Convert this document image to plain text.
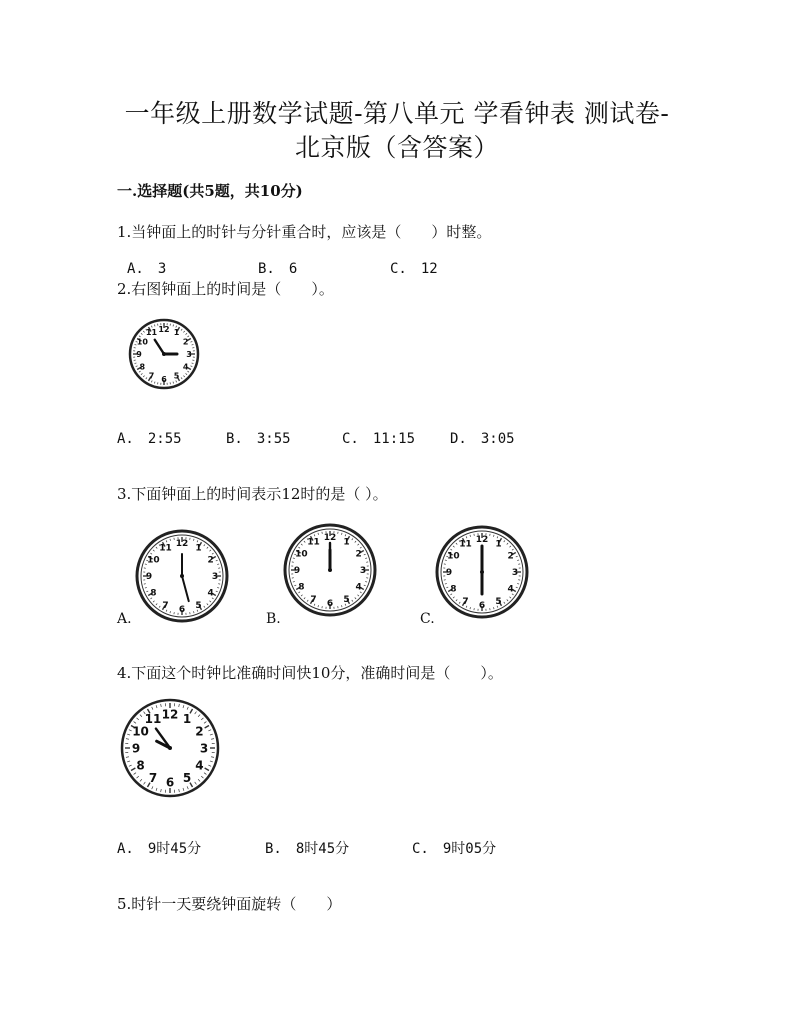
一年级上册数学试题-第八单元 学看钟表 测试卷-
北京版（含答案）
一.选择题(共5题，共10分)
1.当钟面上的时针与分针重合时，应该是（　　）时整。
A.　3	B.　6	C.　12
2.右图钟面上的时间是（　　）。
12 1
2
3
4
5
6
7
8
9
10
11
A.　2:55	B.　3:55	C.　11:15 D.　3:05
3.下面钟面上的时间表示12时的是（ ）。
12 1
2
3
4
5
6
7
8
9
10
11
12 1
2
3
4
5
6
7
8
9
10
11	12 1
2
3
4
5
6
7
8
9
10
11
A.	B.	C.
4.下面这个时钟比准确时间快10分，准确时间是（　　）。
12 1
2
3
4
5
6
7
8
9
10
11
A.　9时45分	B.　8时45分	C.　9时05分
5.时针一天要绕钟面旋转（　　）
